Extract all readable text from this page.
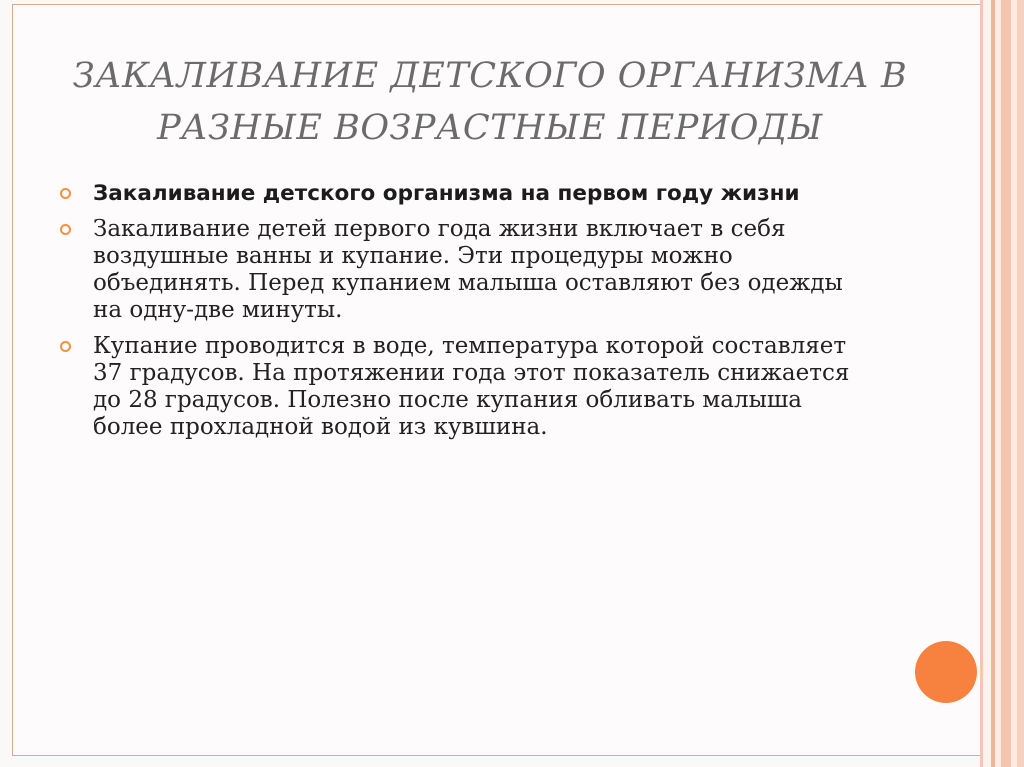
ЗАКАЛИВАНИЕ ДЕТСКОГО ОРГАНИЗМА В
РАЗНЫЕ ВОЗРАСТНЫЕ ПЕРИОДЫ
Закаливание детского организма на первом году жизни
Закаливание детей первого года жизни включает в себя воздушные ванны и купание. Эти процедуры можно объединять. Перед купанием малыша оставляют без одежды на одну-две минуты.
Купание проводится в воде, температура которой составляет 37 градусов. На протяжении года этот показатель снижается до 28 градусов. Полезно после купания обливать малыша более прохладной водой из кувшина.
